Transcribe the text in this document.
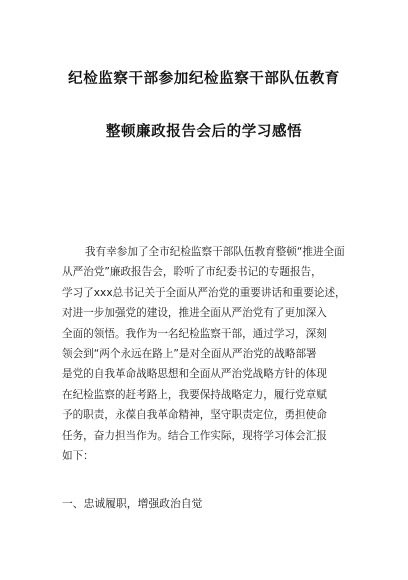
纪检监察干部参加纪检监察干部队伍教育
整顿廉政报告会后的学习感悟
我有幸参加了全市纪检监察干部队伍教育整顿“推进全面
从严治党”廉政报告会，聆听了市纪委书记的专题报告，
学习了xxx总书记关于全面从严治党的重要讲话和重要论述，
对进一步加强党的建设，推进全面从严治党有了更加深入
全面的领悟。我作为一名纪检监察干部，通过学习，深刻
领会到“两个永远在路上”是对全面从严治党的战略部署
是党的自我革命战略思想和全面从严治党战略方针的体现
在纪检监察的赶考路上，我要保持战略定力，履行党章赋
予的职责，永葆自我革命精神，坚守职责定位，勇担使命
任务，奋力担当作为。结合工作实际，现将学习体会汇报
如下：
一、忠诚履职，增强政治自觉
